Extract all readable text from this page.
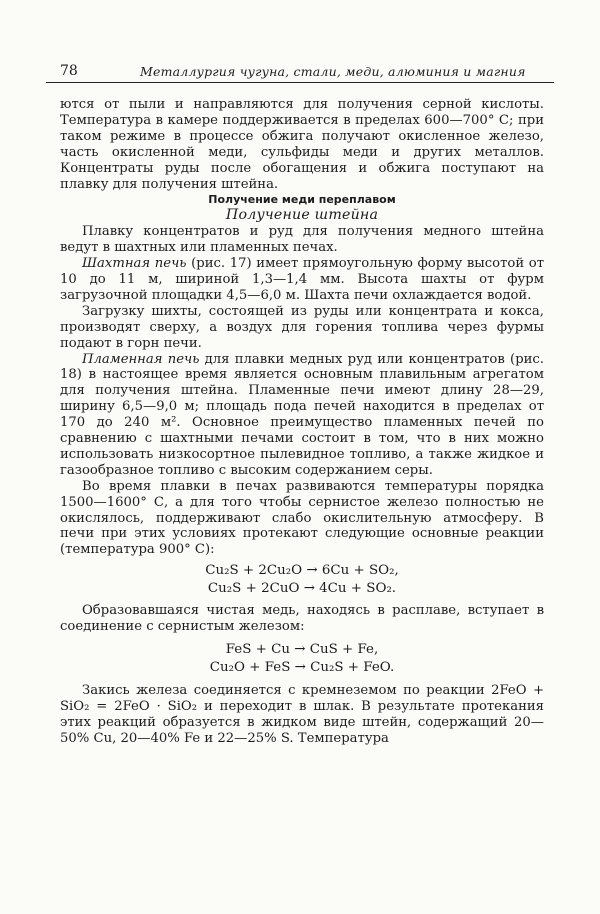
78	Металлургия чугуна, стали, меди, алюминия и магния

ются от пыли и направляются для получения серной кислоты. Температура в камере поддерживается в пределах 600—700° С; при таком режиме в процессе обжига получают окисленное железо, часть окисленной меди, сульфиды меди и других металлов. Концентраты руды после обогащения и обжига поступают на плавку для получения штейна.

Получение меди переплавом

Получение штейна

Плавку концентратов и руд для получения медного штейна ведут в шахтных или пламенных печах.

Шахтная печь (рис. 17) имеет прямоугольную форму высотой от 10 до 11 м, шириной 1,3—1,4 мм. Высота шахты от фурм загрузочной площадки 4,5—6,0 м. Шахта печи охлаждается водой.

Загрузку шихты, состоящей из руды или концентрата и кокса, производят сверху, а воздух для горения топлива через фурмы подают в горн печи.

Пламенная печь для плавки медных руд или концентратов (рис. 18) в настоящее время является основным плавильным агрегатом для получения штейна. Пламенные печи имеют длину 28—29, ширину 6,5—9,0 м; площадь пода печей находится в пределах от 170 до 240 м². Основное преимущество пламенных печей по сравнению с шахтными печами состоит в том, что в них можно использовать низкосортное пылевидное топливо, а также жидкое и газообразное топливо с высоким содержанием серы.

Во время плавки в печах развиваются температуры порядка 1500—1600° С, а для того чтобы сернистое железо полностью не окислялось, поддерживают слабо окислительную атмосферу. В печи при этих условиях протекают следующие основные реакции (температура 900° С):

Cu₂S + 2Cu₂O → 6Cu + SO₂,
Cu₂S + 2CuO → 4Cu + SO₂.

Образовавшаяся чистая медь, находясь в расплаве, вступает в соединение с сернистым железом:

FeS + Cu → CuS + Fe,
Cu₂O + FeS → Cu₂S + FeO.

Закись железа соединяется с кремнеземом по реакции 2FeO + SiO₂ = 2FeO · SiO₂ и переходит в шлак. В результате протекания этих реакций образуется в жидком виде штейн, содержащий 20—50% Cu, 20—40% Fe и 22—25% S. Температура
